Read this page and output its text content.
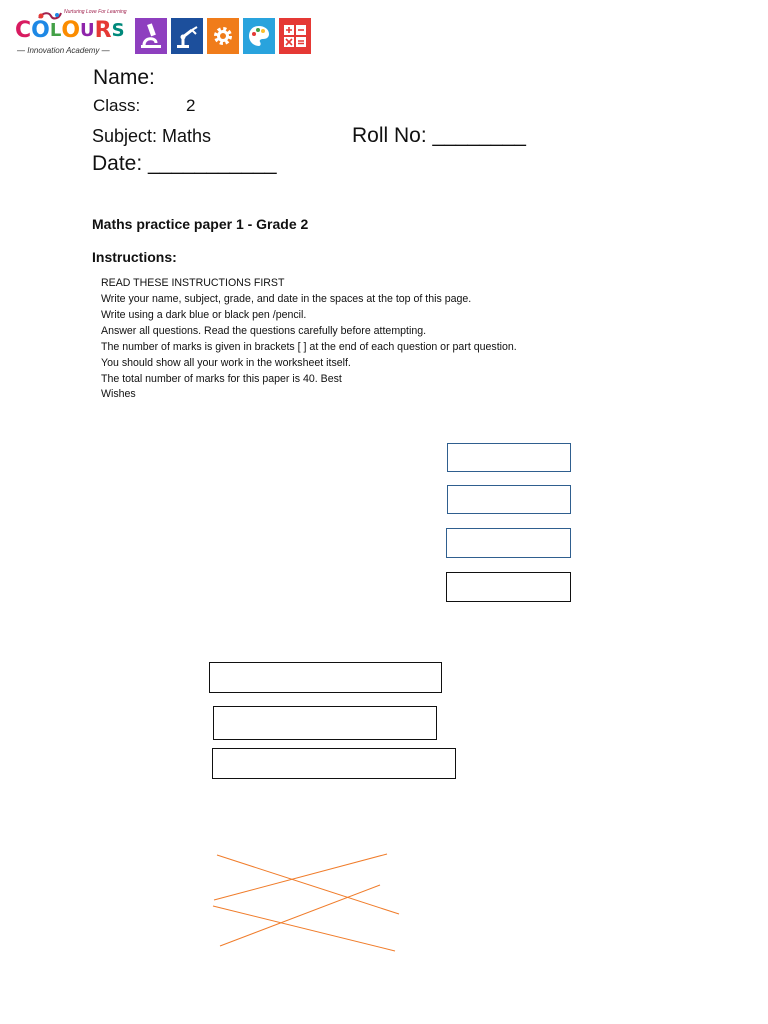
Nurturing Love For Learning
C O L O U R S
— Innovation Academy —
Name:
Class:	2
Subject: Maths	Roll No: ________
Date: ___________
Maths practice paper 1 - Grade 2
Instructions:
READ THESE INSTRUCTIONS FIRST
Write your name, subject, grade, and date in the spaces at the top of this page.
Write using a dark blue or black pen /pencil.
Answer all questions. Read the questions carefully before attempting.
The number of marks is given in brackets [ ] at the end of each question or part question.
You should show all your work in the worksheet itself.
The total number of marks for this paper is 40. Best
Wishes
